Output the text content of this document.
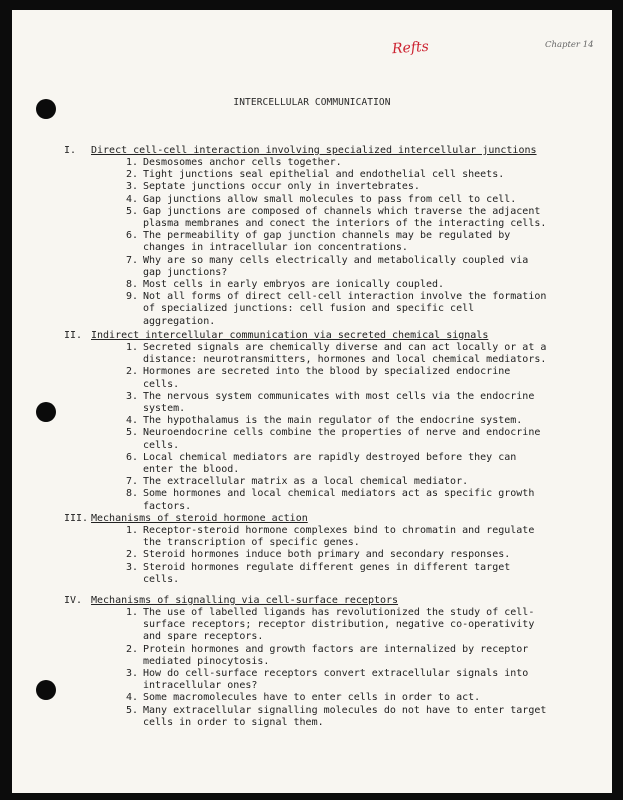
Refts	Chapter 14
INTERCELLULAR COMMUNICATION
I. Direct cell-cell interaction involving specialized intercellular junctions
1. Desmosomes anchor cells together.
2. Tight junctions seal epithelial and endothelial cell sheets.
3. Septate junctions occur only in invertebrates.
4. Gap junctions allow small molecules to pass from cell to cell.
5. Gap junctions are composed of channels which traverse the adjacent plasma membranes and conect the interiors of the interacting cells.
6. The permeability of gap junction channels may be regulated by changes in intracellular ion concentrations.
7. Why are so many cells electrically and metabolically coupled via gap junctions?
8. Most cells in early embryos are ionically coupled.
9. Not all forms of direct cell-cell interaction involve the formation of specialized junctions: cell fusion and specific cell aggregation.
II. Indirect intercellular communication via secreted chemical signals
1. Secreted signals are chemically diverse and can act locally or at a distance: neurotransmitters, hormones and local chemical mediators.
2. Hormones are secreted into the blood by specialized endocrine cells.
3. The nervous system communicates with most cells via the endocrine system.
4. The hypothalamus is the main regulator of the endocrine system.
5. Neuroendocrine cells combine the properties of nerve and endocrine cells.
6. Local chemical mediators are rapidly destroyed before they can enter the blood.
7. The extracellular matrix as a local chemical mediator.
8. Some hormones and local chemical mediators act as specific growth factors.
III. Mechanisms of steroid hormone action
1. Receptor-steroid hormone complexes bind to chromatin and regulate the transcription of specific genes.
2. Steroid hormones induce both primary and secondary responses.
3. Steroid hormones regulate different genes in different target cells.
IV. Mechanisms of signalling via cell-surface receptors
1. The use of labelled ligands has revolutionized the study of cell-surface receptors; receptor distribution, negative co-operativity and spare receptors.
2. Protein hormones and growth factors are internalized by receptor mediated pinocytosis.
3. How do cell-surface receptors convert extracellular signals into intracellular ones?
4. Some macromolecules have to enter cells in order to act.
5. Many extracellular signalling molecules do not have to enter target cells in order to signal them.
